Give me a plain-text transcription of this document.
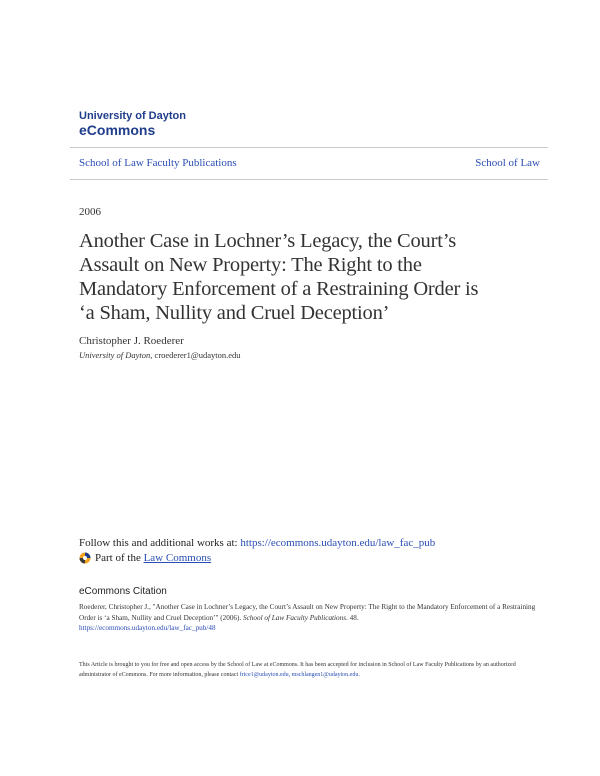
University of Dayton
eCommons
School of Law Faculty Publications	School of Law
2006
Another Case in Lochner’s Legacy, the Court’s
Assault on New Property: The Right to the
Mandatory Enforcement of a Restraining Order is
‘a Sham, Nullity and Cruel Deception’
Christopher J. Roederer
University of Dayton, croederer1@udayton.edu
Follow this and additional works at: https://ecommons.udayton.edu/law_fac_pub
Part of the
Law Commons
eCommons Citation
Roederer, Christopher J., "Another Case in Lochner’s Legacy, the Court’s Assault on New Property: The Right to the Mandatory Enforcement of a Restraining Order is ‘a Sham, Nullity and Cruel Deception’" (2006). School of Law Faculty Publications. 48.
https://ecommons.udayton.edu/law_fac_pub/48
This Article is brought to you for free and open access by the School of Law at eCommons. It has been accepted for inclusion in School of Law Faculty Publications by an authorized administrator of eCommons. For more information, please contact frice1@udayton.edu, mschlangen1@udayton.edu.
